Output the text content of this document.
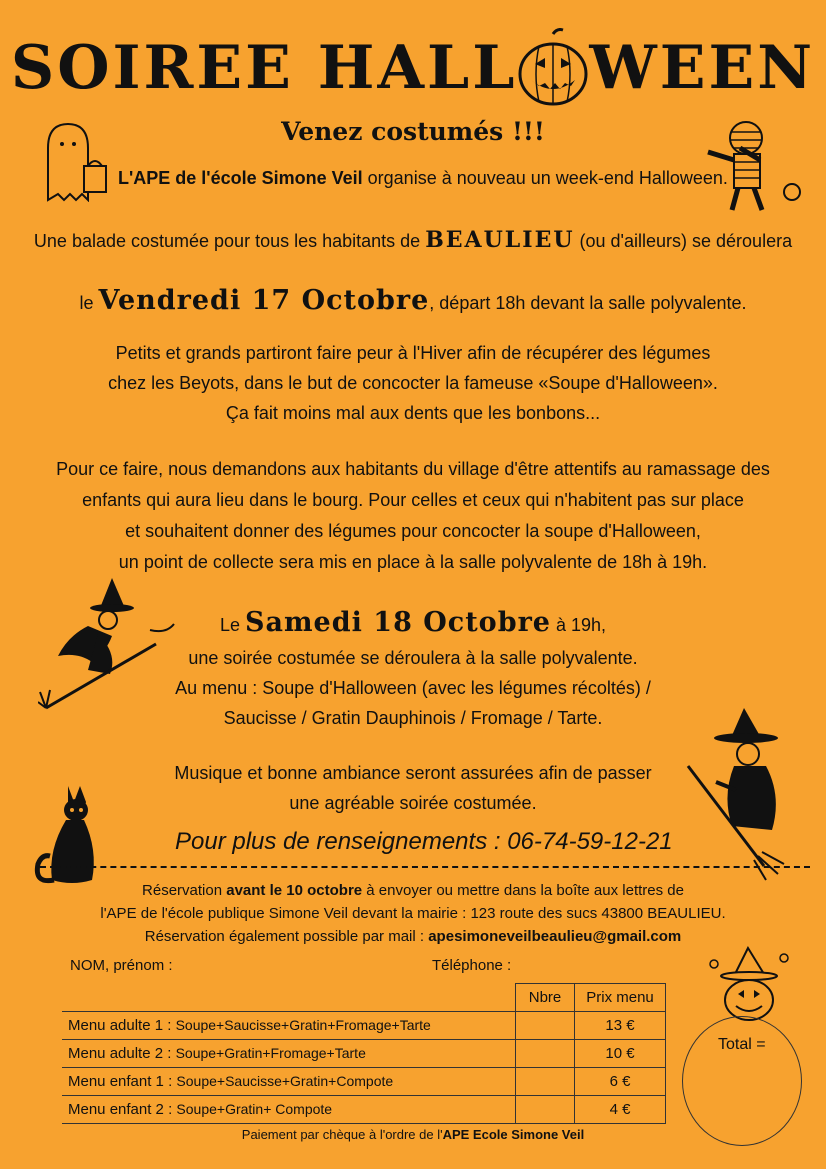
SOIREE HALL WEEN
Venez costumés !!!
L'APE de l'école Simone Veil organise à nouveau un week-end Halloween.
Une balade costumée pour tous les habitants de BEAULIEU (ou d'ailleurs) se déroulera
le Vendredi 17 Octobre, départ 18h devant la salle polyvalente.
Petits et grands partiront faire peur à l'Hiver afin de récupérer des légumes
chez les Beyots, dans le but de concocter la fameuse «Soupe d'Halloween».
Ça fait moins mal aux dents que les bonbons...
Pour ce faire, nous demandons aux habitants du village d'être attentifs au ramassage des
enfants qui aura lieu dans le bourg. Pour celles et ceux qui n'habitent pas sur place
et souhaitent donner des légumes pour concocter la soupe d'Halloween,
un point de collecte sera mis en place à la salle polyvalente de 18h à 19h.
Le Samedi 18 Octobre à 19h,
une soirée costumée se déroulera à la salle polyvalente.
Au menu : Soupe d'Halloween (avec les légumes récoltés) /
Saucisse / Gratin Dauphinois / Fromage / Tarte.
Musique et bonne ambiance seront assurées afin de passer
une agréable soirée costumée.
Pour plus de renseignements : 06-74-59-12-21
Réservation avant le 10 octobre à envoyer ou mettre dans la boîte aux lettres de
l'APE de l'école publique Simone Veil devant la mairie : 123 route des sucs 43800 BEAULIEU.
Réservation également possible par mail : apesimoneveilbeaulieu@gmail.com
NOM, prénom :	Téléphone :
	Nbre	Prix menu
Menu adulte 1 : Soupe+Saucisse+Gratin+Fromage+Tarte		13 €
Menu adulte 2 : Soupe+Gratin+Fromage+Tarte		10 €
Menu enfant 1 : Soupe+Saucisse+Gratin+Compote		6 €
Menu enfant 2 : Soupe+Gratin+ Compote		4 €
Total =
Paiement par chèque à l'ordre de l'APE Ecole Simone Veil
